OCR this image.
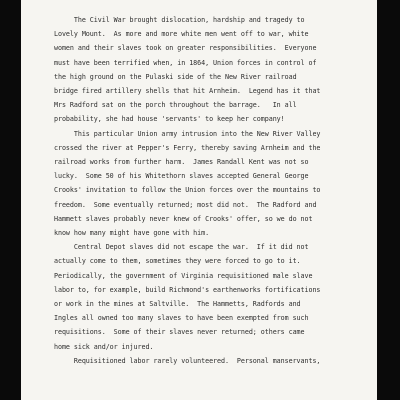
The Civil War brought dislocation, hardship and tragedy to
Lovely Mount.  As more and more white men went off to war, white
women and their slaves took on greater responsibilities.  Everyone
must have been terrified when, in 1864, Union forces in control of
the high ground on the Pulaski side of the New River railroad
bridge fired artillery shells that hit Arnheim.  Legend has it that
Mrs Radford sat on the porch throughout the barrage.   In all
probability, she had house 'servants' to keep her company!
This particular Union army intrusion into the New River Valley
crossed the river at Pepper's Ferry, thereby saving Arnheim and the
railroad works from further harm.  James Randall Kent was not so
lucky.  Some 50 of his Whitethorn slaves accepted General George
Crooks' invitation to follow the Union forces over the mountains to
freedom.  Some eventually returned; most did not.  The Radford and
Hammett slaves probably never knew of Crooks' offer, so we do not
know how many might have gone with him.
Central Depot slaves did not escape the war.  If it did not
actually come to them, sometimes they were forced to go to it.
Periodically, the government of Virginia requisitioned male slave
labor to, for example, build Richmond's earthenworks fortifications
or work in the mines at Saltville.  The Hammetts, Radfords and
Ingles all owned too many slaves to have been exempted from such
requisitions.  Some of their slaves never returned; others came
home sick and/or injured.
Requisitioned labor rarely volunteered.  Personal manservants,
